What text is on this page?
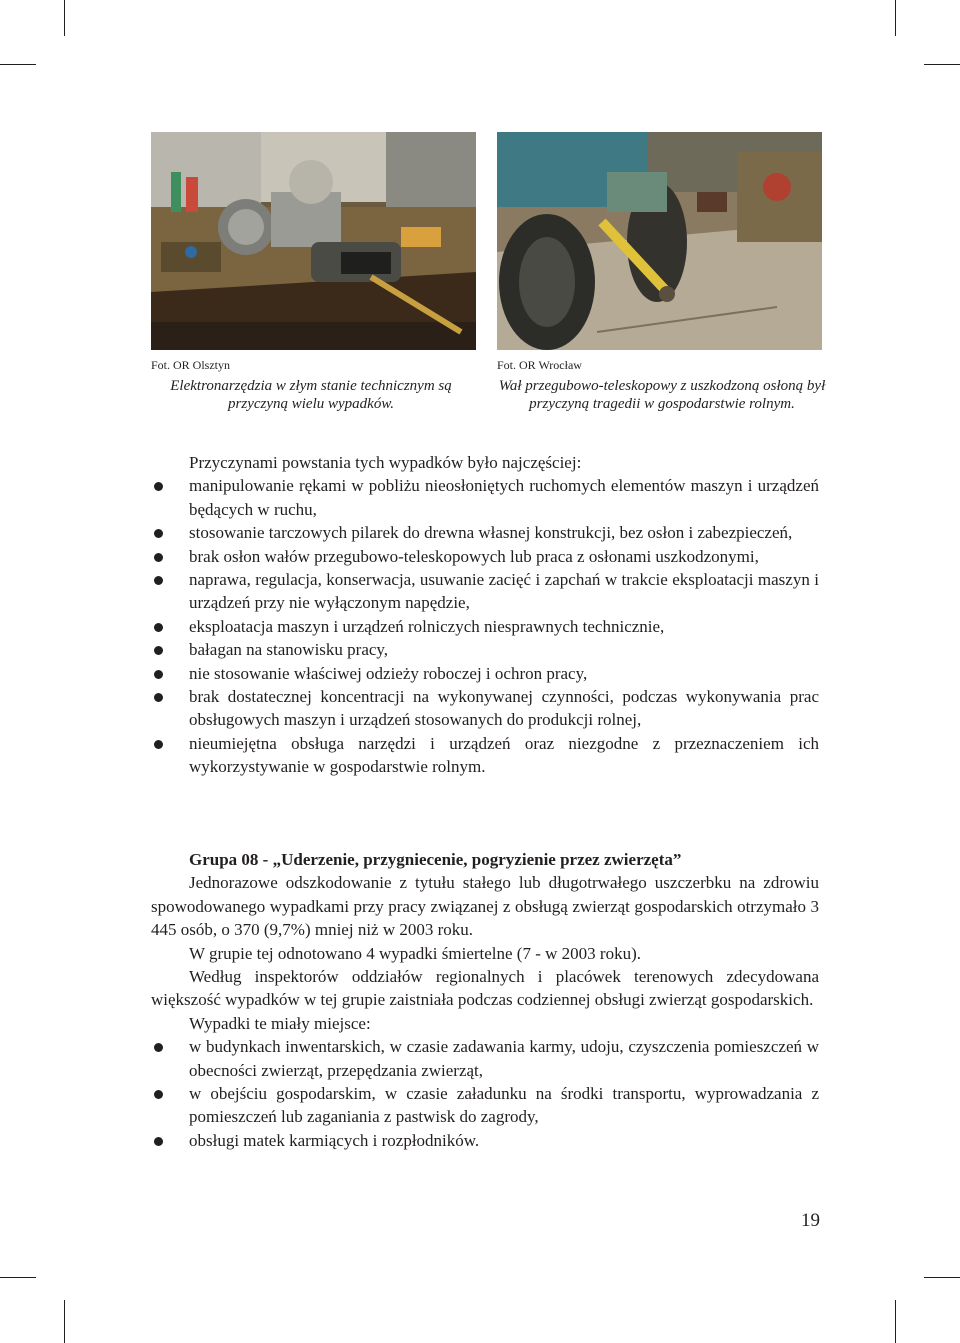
Fot. OR Olsztyn	Fot. OR Wrocław
Elektronarzędzia w złym stanie technicznym są przyczyną wielu wypadków.
Wał przegubowo-teleskopowy z uszkodzoną osłoną był przyczyną tragedii w gospodarstwie rolnym.

Przyczynami powstania tych wypadków było najczęściej:

manipulowanie rękami w pobliżu nieosłoniętych ruchomych elementów maszyn i urządzeń będących w ruchu,
stosowanie tarczowych pilarek do drewna własnej konstrukcji, bez osłon i zabezpieczeń,
brak osłon wałów przegubowo-teleskopowych lub praca z osłonami uszkodzonymi,
naprawa, regulacja, konserwacja, usuwanie zacięć i zapchań w trakcie eksploatacji maszyn i urządzeń przy nie wyłączonym napędzie,
eksploatacja maszyn i urządzeń rolniczych niesprawnych technicznie,
bałagan na stanowisku pracy,
nie stosowanie właściwej odzieży roboczej i ochron pracy,
brak dostatecznej koncentracji na wykonywanej czynności, podczas wykonywania prac obsługowych maszyn i urządzeń stosowanych do produkcji rolnej,
nieumiejętna obsługa narzędzi i urządzeń oraz niezgodne z przeznaczeniem ich wykorzystywanie w gospodarstwie rolnym.

Grupa 08 - „Uderzenie, przygniecenie, pogryzienie przez zwierzęta”

Jednorazowe odszkodowanie z tytułu stałego lub długotrwałego uszczerbku na zdrowiu spowodowanego wypadkami przy pracy związanej z obsługą zwierząt gospodarskich otrzymało 3 445 osób, o 370 (9,7%) mniej niż w 2003 roku.

W grupie tej odnotowano 4 wypadki śmiertelne (7 - w 2003 roku).

Według inspektorów oddziałów regionalnych i placówek terenowych zdecydowana większość wypadków w tej grupie zaistniała podczas codziennej obsługi zwierząt gospodarskich.

Wypadki te miały miejsce:

w budynkach inwentarskich, w czasie zadawania karmy, udoju, czyszczenia pomieszczeń w obecności zwierząt, przepędzania zwierząt,
w obejściu gospodarskim, w czasie załadunku na środki transportu, wyprowadzania z pomieszczeń lub zaganiania z pastwisk do zagrody,
obsługi matek karmiących i rozpłodników.
19
